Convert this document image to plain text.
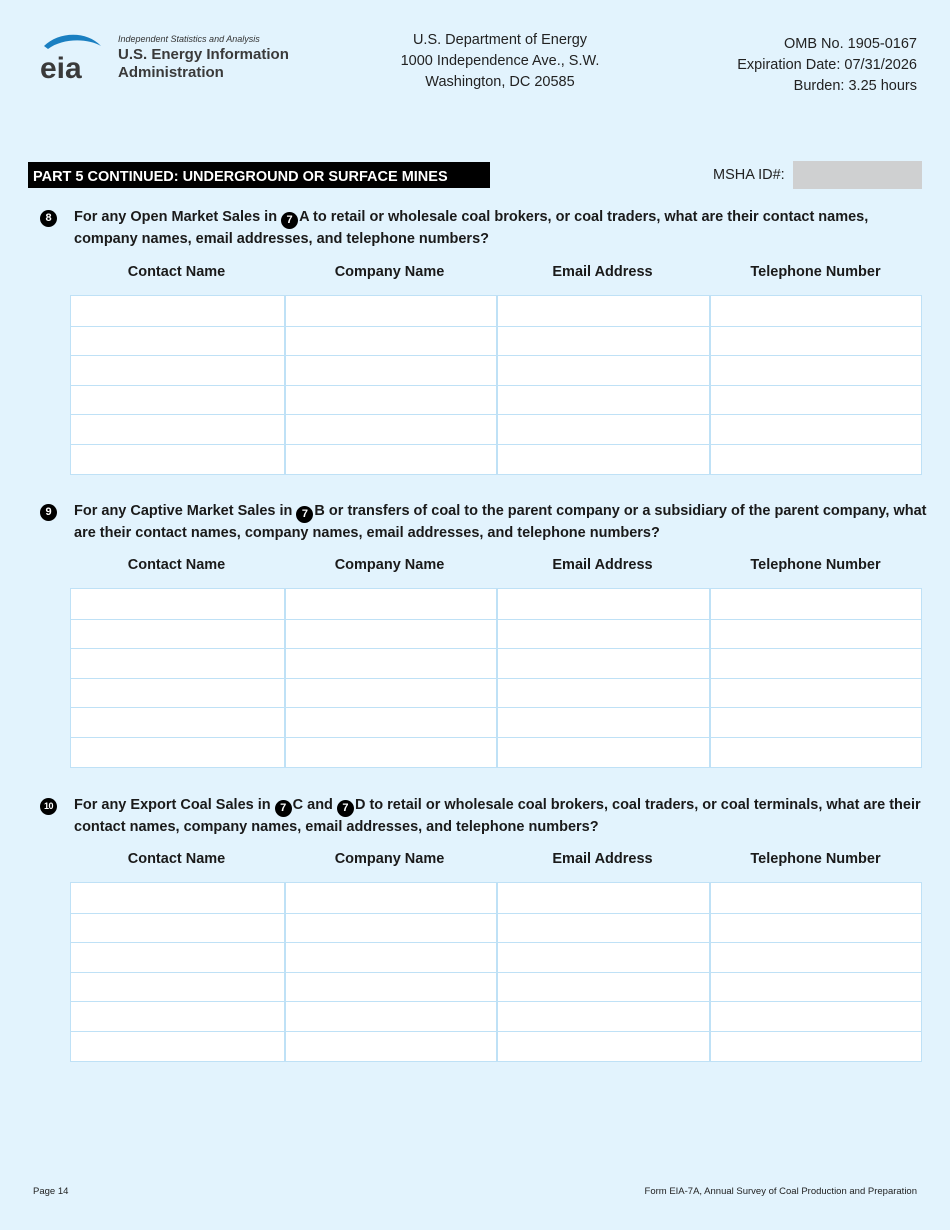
eia
Independent Statistics and Analysis
U.S. Energy Information
Administration
U.S. Department of Energy
1000 Independence Ave., S.W.
Washington, DC 20585
OMB No. 1905-0167
Expiration Date: 07/31/2026
Burden: 3.25 hours
PART 5 CONTINUED: UNDERGROUND OR SURFACE MINES	MSHA ID#:
8	For any Open Market Sales in 7 A to retail or wholesale coal brokers, or coal traders, what are their contact names, company names, email addresses, and telephone numbers?
Contact Name	Company Name	Email Address	Telephone Number
9	For any Captive Market Sales in 7 B or transfers of coal to the parent company or a subsidiary of the parent company, what are their contact names, company names, email addresses, and telephone numbers?
Contact Name	Company Name	Email Address	Telephone Number
10 For any Export Coal Sales in 7 C and 7 D to retail or wholesale coal brokers, coal traders, or coal terminals, what are their contact names, company names, email addresses, and telephone numbers?
Contact Name	Company Name	Email Address	Telephone Number
Page 14	Form EIA-7A, Annual Survey of Coal Production and Preparation
